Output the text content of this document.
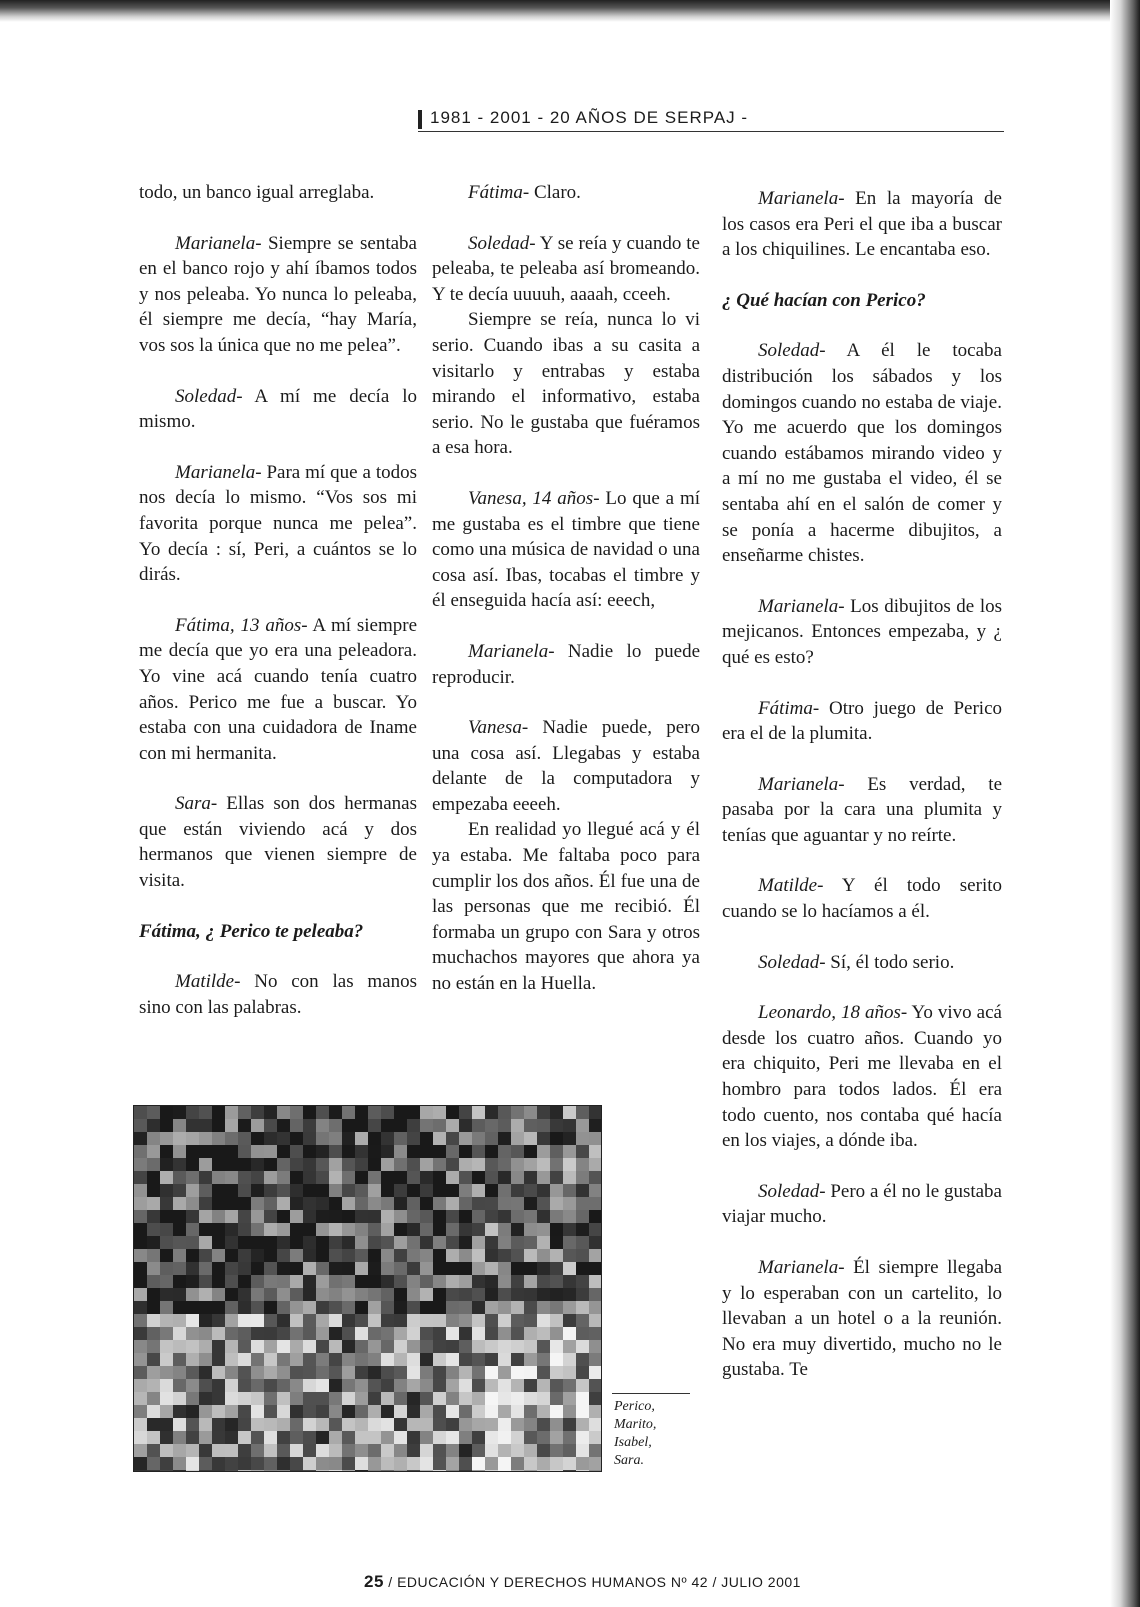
1981 - 2001 - 20 AÑOS DE SERPAJ -

todo, un banco igual arreglaba.

Marianela- Siempre se sentaba en el banco rojo y ahí íbamos todos y nos peleaba. Yo nunca lo peleaba, él siempre me decía, “hay María, vos sos la única que no me pelea”.

Soledad- A mí me decía lo mismo.

Marianela- Para mí que a todos nos decía lo mismo. “Vos sos mi favorita porque nunca me pelea”. Yo decía : sí, Peri, a cuántos se lo dirás.

Fátima, 13 años- A mí siempre me decía que yo era una peleadora. Yo vine acá cuando tenía cuatro años. Perico me fue a buscar. Yo estaba con una cuidadora de Iname con mi hermanita.

Sara- Ellas son dos hermanas que están viviendo acá y dos hermanos que vienen siempre de visita.

Fátima, ¿ Perico te peleaba?

Matilde- No con las manos sino con las palabras.

Fátima- Claro.

Soledad- Y se reía y cuando te peleaba, te peleaba así bromeando. Y te decía uuuuh, aaaah, cceeh.

Siempre se reía, nunca lo vi serio. Cuando ibas a su casita a visitarlo y entrabas y estaba mirando el informativo, estaba serio. No le gustaba que fuéramos a esa hora.

Vanesa, 14 años- Lo que a mí me gustaba es el timbre que tiene como una música de navidad o una cosa así. Ibas, tocabas el timbre y él enseguida hacía así: eeech,

Marianela- Nadie lo puede reproducir.

Vanesa- Nadie puede, pero una cosa así. Llegabas y estaba delante de la computadora y empezaba eeeeh.

En realidad yo llegué acá y él ya estaba. Me faltaba poco para cumplir los dos años. Él fue una de las personas que me recibió. Él formaba un grupo con Sara y otros muchachos mayores que ahora ya no están en la Huella.

Marianela- En la mayoría de los casos era Peri el que iba a buscar a los chiquilines. Le encantaba eso.

¿ Qué hacían con Perico?

Soledad- A él le tocaba distribución los sábados y los domingos cuando no estaba de viaje. Yo me acuerdo que los domingos cuando estábamos mirando video y a mí no me gustaba el video, él se sentaba ahí en el salón de comer y se ponía a hacerme dibujitos, a enseñarme chistes.

Marianela- Los dibujitos de los mejicanos. Entonces empezaba, y ¿ qué es esto?

Fátima- Otro juego de Perico era el de la plumita.

Marianela- Es verdad, te pasaba por la cara una plumita y tenías que aguantar y no reírte.

Matilde- Y él todo serito cuando se lo hacíamos a él.

Soledad- Sí, él todo serio.

Leonardo, 18 años- Yo vivo acá desde los cuatro años. Cuando yo era chiquito, Peri me llevaba en el hombro para todos lados. Él era todo cuento, nos contaba qué hacía en los viajes, a dónde iba.

Soledad- Pero a él no le gustaba viajar mucho.

Marianela- Él siempre llegaba y lo esperaban con un cartelito, lo llevaban a un hotel o a la reunión. No era muy divertido, mucho no le gustaba. Te

Perico,
Marito,
Isabel,
Sara.
25 / EDUCACIÓN Y DERECHOS HUMANOS Nº 42 / JULIO 2001
